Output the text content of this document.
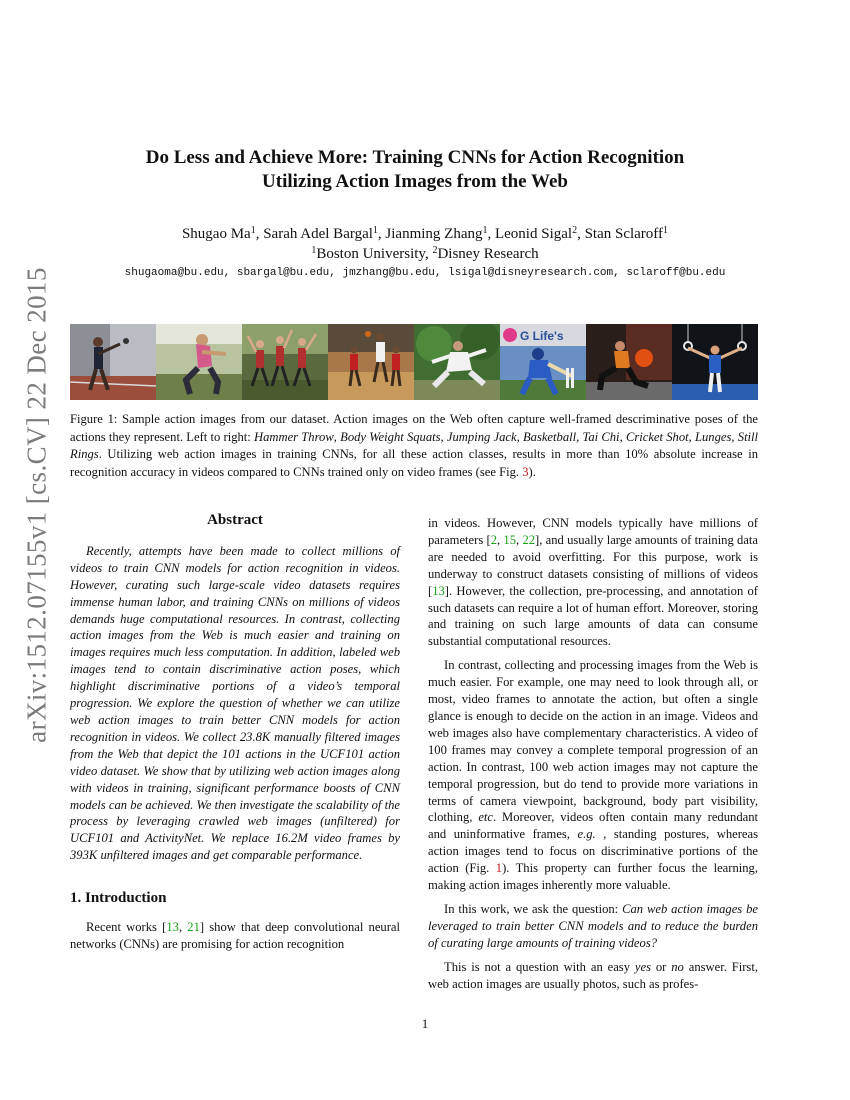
arXiv:1512.07155v1 [cs.CV] 22 Dec 2015
Do Less and Achieve More: Training CNNs for Action Recognition
Utilizing Action Images from the Web
Shugao Ma$^1$, Sarah Adel Bargal$^1$, Jianming Zhang$^1$, Leonid Sigal$^2$, Stan Sclaroff$^1$
$^1$Boston University, $^2$Disney Research
shugaoma@bu.edu, sbargal@bu.edu, jmzhang@bu.edu, lsigal@disneyresearch.com, sclaroff@bu.edu
G Life's
Figure 1: Sample action images from our dataset. Action images on the Web often capture well-framed descriminative poses of the actions they represent. Left to right: Hammer Throw, Body Weight Squats, Jumping Jack, Basketball, Tai Chi, Cricket Shot, Lunges, Still Rings. Utilizing web action images in training CNNs, for all these action classes, results in more than 10% absolute increase in recognition accuracy in videos compared to CNNs trained only on video frames (see Fig. 3).
Abstract
Recently, attempts have been made to collect millions of videos to train CNN models for action recognition in videos. However, curating such large-scale video datasets requires immense human labor, and training CNNs on millions of videos demands huge computational resources. In contrast, collecting action images from the Web is much easier and training on images requires much less computation. In addition, labeled web images tend to contain discriminative action poses, which highlight discriminative portions of a video’s temporal progression. We explore the question of whether we can utilize web action images to train better CNN models for action recognition in videos. We collect 23.8K manually filtered images from the Web that depict the 101 actions in the UCF101 action video dataset. We show that by utilizing web action images along with videos in training, significant performance boosts of CNN models can be achieved. We then investigate the scalability of the process by leveraging crawled web images (unfiltered) for UCF101 and ActivityNet. We replace 16.2M video frames by 393K unfiltered images and get comparable performance.
1. Introduction

Recent works [13, 21] show that deep convolutional neural networks (CNNs) are promising for action recognition

in videos. However, CNN models typically have millions of parameters [2, 15, 22], and usually large amounts of training data are needed to avoid overfitting. For this purpose, work is underway to construct datasets consisting of millions of videos [13]. However, the collection, pre-processing, and annotation of such datasets can require a lot of human effort. Moreover, storing and training on such large amounts of data can consume substantial computational resources.

In contrast, collecting and processing images from the Web is much easier. For example, one may need to look through all, or most, video frames to annotate the action, but often a single glance is enough to decide on the action in an image. Videos and web images also have complementary characteristics. A video of 100 frames may convey a complete temporal progression of an action. In contrast, 100 web action images may not capture the temporal progression, but do tend to provide more variations in terms of camera viewpoint, background, body part visibility, clothing, etc. Moreover, videos often contain many redundant and uninformative frames, e.g. , standing postures, whereas action images tend to focus on discriminative portions of the action (Fig. 1). This property can further focus the learning, making action images inherently more valuable.

In this work, we ask the question: Can web action images be leveraged to train better CNN models and to reduce the burden of curating large amounts of training videos?

This is not a question with an easy yes or no answer. First, web action images are usually photos, such as profes-

1
